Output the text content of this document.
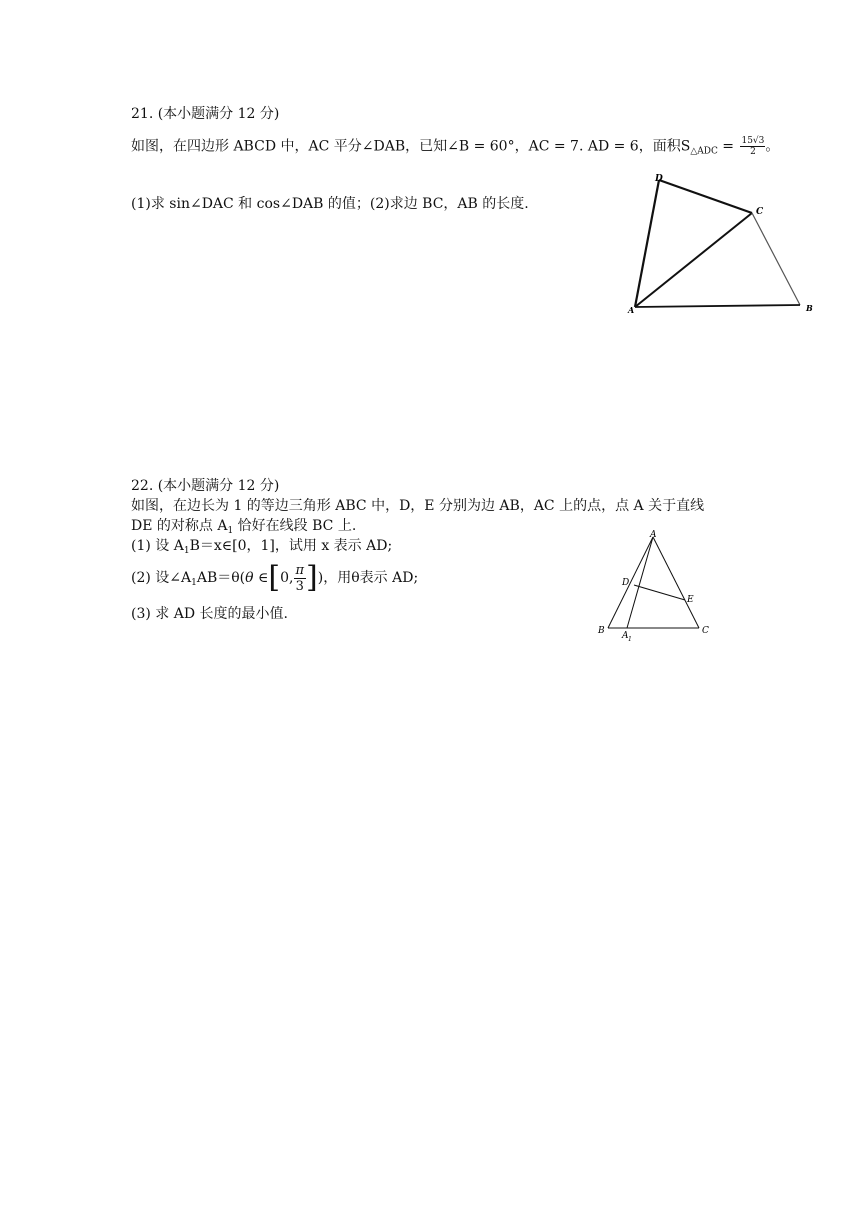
21. (本小题满分 12 分)
如图，在四边形 ABCD 中，AC 平分∠DAB，已知∠B = 60°，AC = 7. AD = 6，面积$S_{\triangle ADC} = \frac{15√3}{2}$ 。
(1)求 sin∠DAC 和 cos∠DAB 的值；(2)求边 BC，AB 的长度.
D
C
A	B
22. (本小题满分 12 分)
如图，在边长为 1 的等边三角形 ABC 中，D，E 分别为边 AB，AC 上的点，点 A 关于直线
DE 的对称点 $A_1$ 恰好在线段 BC 上.
(1) 设 $A_1B=x\in[0$，1]，试用 x 表示 AD;
(2) 设$\angle A_1AB=\theta(\theta$ ∈[0, $\frac{\pi}{3}$ ])，用θ表示 AD;
(3) 求 AD 长度的最小值.
A
D
E
B A 1
C
